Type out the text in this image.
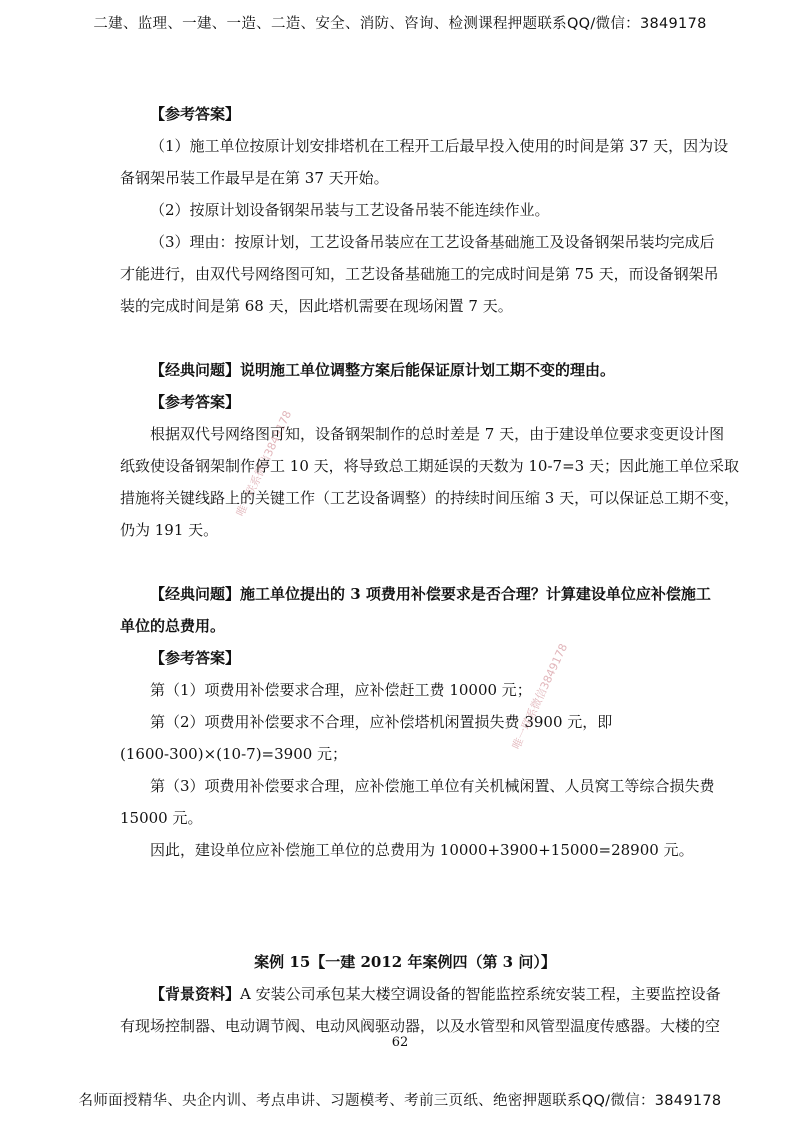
二建、监理、一建、一造、二造、安全、消防、咨询、检测课程押题联系QQ/微信：3849178
唯一联系微信3849178
唯一联系微信3849178
【参考答案】
（1）施工单位按原计划安排塔机在工程开工后最早投入使用的时间是第 37 天，因为设
备钢架吊装工作最早是在第 37 天开始。
（2）按原计划设备钢架吊装与工艺设备吊装不能连续作业。
（3）理由：按原计划，工艺设备吊装应在工艺设备基础施工及设备钢架吊装均完成后
才能进行，由双代号网络图可知，工艺设备基础施工的完成时间是第 75 天，而设备钢架吊
装的完成时间是第 68 天，因此塔机需要在现场闲置 7 天。
【经典问题】说明施工单位调整方案后能保证原计划工期不变的理由。
【参考答案】
根据双代号网络图可知，设备钢架制作的总时差是 7 天，由于建设单位要求变更设计图
纸致使设备钢架制作停工 10 天，将导致总工期延误的天数为 10-7=3 天；因此施工单位采取
措施将关键线路上的关键工作（工艺设备调整）的持续时间压缩 3 天，可以保证总工期不变，
仍为 191 天。
【经典问题】施工单位提出的 3 项费用补偿要求是否合理？计算建设单位应补偿施工
单位的总费用。
【参考答案】
第（1）项费用补偿要求合理，应补偿赶工费 10000 元；
第（2）项费用补偿要求不合理，应补偿塔机闲置损失费 3900 元，即
(1600-300)×(10-7)=3900 元；
第（3）项费用补偿要求合理，应补偿施工单位有关机械闲置、人员窝工等综合损失费
15000 元。
因此，建设单位应补偿施工单位的总费用为 10000+3900+15000=28900 元。
案例 15【一建 2012 年案例四（第 3 问）】
【背景资料】A 安装公司承包某大楼空调设备的智能监控系统安装工程，主要监控设备
有现场控制器、电动调节阀、电动风阀驱动器，以及水管型和风管型温度传感器。大楼的空
62
名师面授精华、央企内训、考点串讲、习题模考、考前三页纸、绝密押题联系QQ/微信：3849178
